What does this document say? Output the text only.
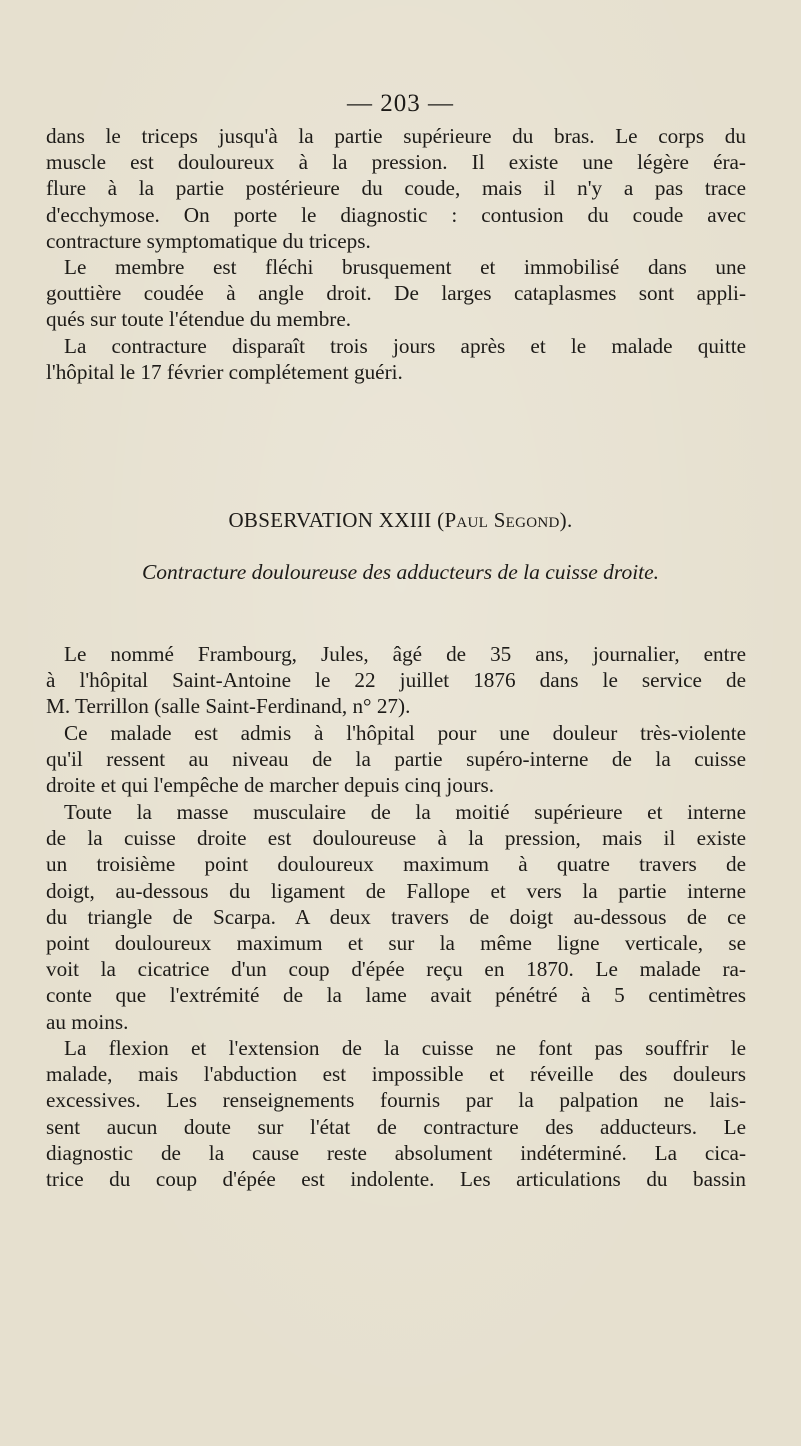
— 203 —
dans le triceps jusqu'à la partie supérieure du bras. Le corps du
muscle est douloureux à la pression. Il existe une légère éra-
flure à la partie postérieure du coude, mais il n'y a pas trace
d'ecchymose. On porte le diagnostic : contusion du coude avec
contracture symptomatique du triceps.
Le membre est fléchi brusquement et immobilisé dans une
gouttière coudée à angle droit. De larges cataplasmes sont appli-
qués sur toute l'étendue du membre.
La contracture disparaît trois jours après et le malade quitte
l'hôpital le 17 février complétement guéri.
OBSERVATION XXIII (Paul Segond).
Contracture douloureuse des adducteurs de la cuisse droite.
Le nommé Frambourg, Jules, âgé de 35 ans, journalier, entre
à l'hôpital Saint-Antoine le 22 juillet 1876 dans le service de
M. Terrillon (salle Saint-Ferdinand, n° 27).
Ce malade est admis à l'hôpital pour une douleur très-violente
qu'il ressent au niveau de la partie supéro-interne de la cuisse
droite et qui l'empêche de marcher depuis cinq jours.
Toute la masse musculaire de la moitié supérieure et interne
de la cuisse droite est douloureuse à la pression, mais il existe
un troisième point douloureux maximum à quatre travers de
doigt, au-dessous du ligament de Fallope et vers la partie interne
du triangle de Scarpa. A deux travers de doigt au-dessous de ce
point douloureux maximum et sur la même ligne verticale, se
voit la cicatrice d'un coup d'épée reçu en 1870. Le malade ra-
conte que l'extrémité de la lame avait pénétré à 5 centimètres
au moins.
La flexion et l'extension de la cuisse ne font pas souffrir le
malade, mais l'abduction est impossible et réveille des douleurs
excessives. Les renseignements fournis par la palpation ne lais-
sent aucun doute sur l'état de contracture des adducteurs. Le
diagnostic de la cause reste absolument indéterminé. La cica-
trice du coup d'épée est indolente. Les articulations du bassin
